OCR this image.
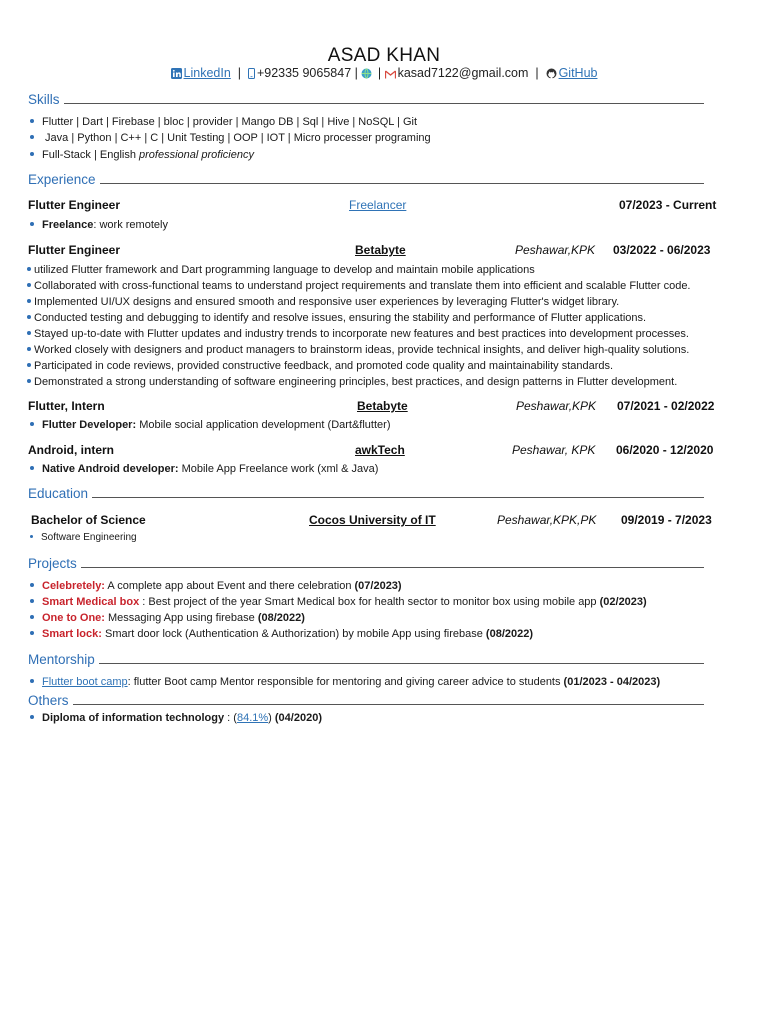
ASAD KHAN
LinkedIn | +92335 9065847 | | kasad7122@gmail.com | GitHub
Skills
Flutter | Dart | Firebase | bloc | provider | Mango DB | Sql | Hive | NoSQL | Git
Java | Python | C++ | C | Unit Testing | OOP | IOT | Micro processer programing
Full-Stack | English professional proficiency
Experience
Flutter Engineer	Freelancer	07/2023 - Current
Freelance: work remotely
Flutter Engineer	Betabyte	Peshawar,KPK 03/2022 - 06/2023
utilized Flutter framework and Dart programming language to develop and maintain mobile applications
Collaborated with cross-functional teams to understand project requirements and translate them into efficient and scalable Flutter code.
Implemented UI/UX designs and ensured smooth and responsive user experiences by leveraging Flutter's widget library.
Conducted testing and debugging to identify and resolve issues, ensuring the stability and performance of Flutter applications.
Stayed up-to-date with Flutter updates and industry trends to incorporate new features and best practices into development processes.
Worked closely with designers and product managers to brainstorm ideas, provide technical insights, and deliver high-quality solutions.
Participated in code reviews, provided constructive feedback, and promoted code quality and maintainability standards.
Demonstrated a strong understanding of software engineering principles, best practices, and design patterns in Flutter development.
Flutter, Intern	Betabyte	Peshawar,KPK 07/2021 - 02/2022
Flutter Developer: Mobile social application development (Dart&flutter)
Android, intern	awkTech	Peshawar, KPK 06/2020 - 12/2020
Native Android developer: Mobile App Freelance work (xml & Java)
Education
Bachelor of Science	Cocos University of IT	Peshawar,KPK,PK 09/2019 - 7/2023
Software Engineering
Projects
Celebretely: A complete app about Event and there celebration (07/2023)
Smart Medical box : Best project of the year Smart Medical box for health sector to monitor box using mobile app (02/2023)
One to One: Messaging App using firebase (08/2022)
Smart lock: Smart door lock (Authentication & Authorization) by mobile App using firebase (08/2022)
Mentorship
Flutter boot camp: flutter Boot camp Mentor responsible for mentoring and giving career advice to students (01/2023 - 04/2023)
Others
Diploma of information technology : (84.1%) (04/2020)
